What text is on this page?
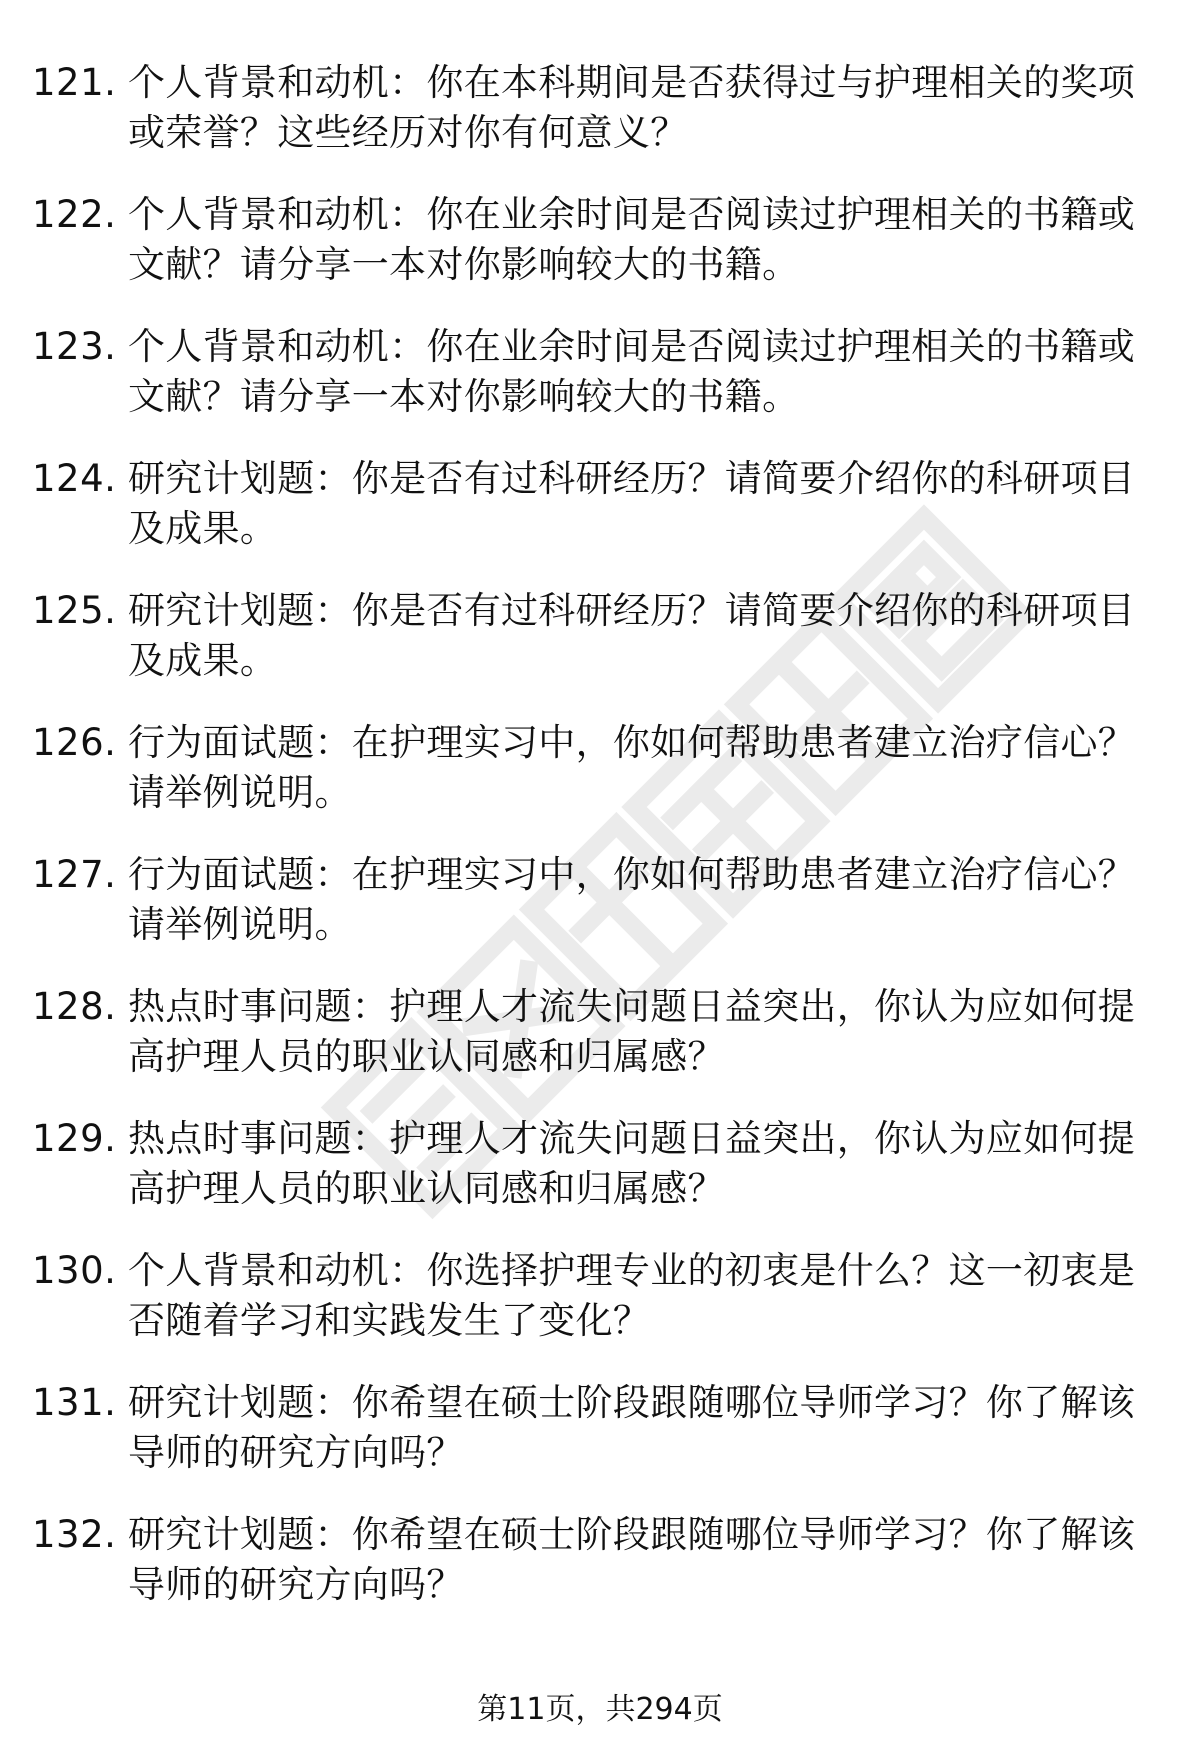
121. 个人背景和动机：你在本科期间是否获得过与护理相关的奖项或荣誉？这些经历对你有何意义？
122. 个人背景和动机：你在业余时间是否阅读过护理相关的书籍或文献？请分享一本对你影响较大的书籍。
123. 个人背景和动机：你在业余时间是否阅读过护理相关的书籍或文献？请分享一本对你影响较大的书籍。
124. 研究计划题：你是否有过科研经历？请简要介绍你的科研项目及成果。
125. 研究计划题：你是否有过科研经历？请简要介绍你的科研项目及成果。
126. 行为面试题：在护理实习中，你如何帮助患者建立治疗信心？请举例说明。
127. 行为面试题：在护理实习中，你如何帮助患者建立治疗信心？请举例说明。
128. 热点时事问题：护理人才流失问题日益突出，你认为应如何提高护理人员的职业认同感和归属感？
129. 热点时事问题：护理人才流失问题日益突出，你认为应如何提高护理人员的职业认同感和归属感？
130. 个人背景和动机：你选择护理专业的初衷是什么？这一初衷是否随着学习和实践发生了变化？
131. 研究计划题：你希望在硕士阶段跟随哪位导师学习？你了解该导师的研究方向吗？
132. 研究计划题：你希望在硕士阶段跟随哪位导师学习？你了解该导师的研究方向吗？
第11页，共294页
